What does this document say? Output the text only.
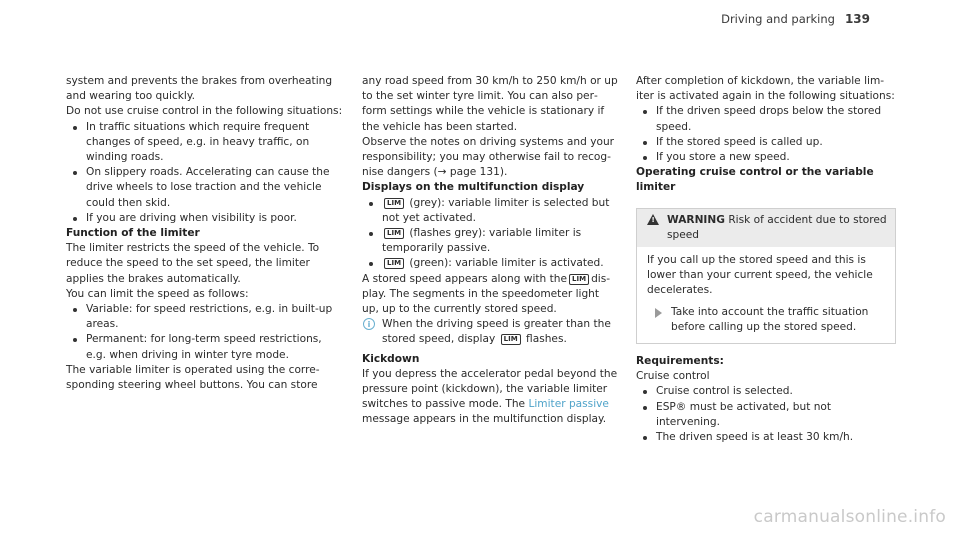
Driving and parking 139

system and prevents the brakes from overheating and wearing too quickly.

Do not use cruise control in the following situations:

In traffic situations which require frequent changes of speed, e.g. in heavy traffic, on winding roads.
On slippery roads. Accelerating can cause the drive wheels to lose traction and the vehicle could then skid.
If you are driving when visibility is poor.

Function of the limiter

The limiter restricts the speed of the vehicle. To reduce the speed to the set speed, the limiter applies the brakes automatically.

You can limit the speed as follows:

Variable: for speed restrictions, e.g. in built-up areas.
Permanent: for long-term speed restrictions, e.g. when driving in winter tyre mode.

The variable limiter is operated using the corresponding steering wheel buttons. You can store

any road speed from 30 km/h to 250 km/h or up to the set winter tyre limit. You can also perform settings while the vehicle is stationary if the vehicle has been started.

Observe the notes on driving systems and your responsibility; you may otherwise fail to recognise dangers (→ page 131).

Displays on the multifunction display

LIM (grey): variable limiter is selected but not yet activated.
LIM (flashes grey): variable limiter is temporarily passive.
LIM (green): variable limiter is activated.

A stored speed appears along with the LIM display. The segments in the speedometer light up, up to the currently stored speed.

i	When the driving speed is greater than the stored speed, display LIM flashes.

Kickdown

If you depress the accelerator pedal beyond the pressure point (kickdown), the variable limiter switches to passive mode. The Limiter passive message appears in the multifunction display.

After completion of kickdown, the variable limiter is activated again in the following situations:

If the driven speed drops below the stored speed.
If the stored speed is called up.
If you store a new speed.

Operating cruise control or the variable limiter

!	WARNING Risk of accident due to stored speed

If you call up the stored speed and this is lower than your current speed, the vehicle decelerates.

Take into account the traffic situation before calling up the stored speed.

Requirements:

Cruise control

Cruise control is selected.
ESP® must be activated, but not intervening.
The driven speed is at least 30 km/h.
carmanualsonline.info
